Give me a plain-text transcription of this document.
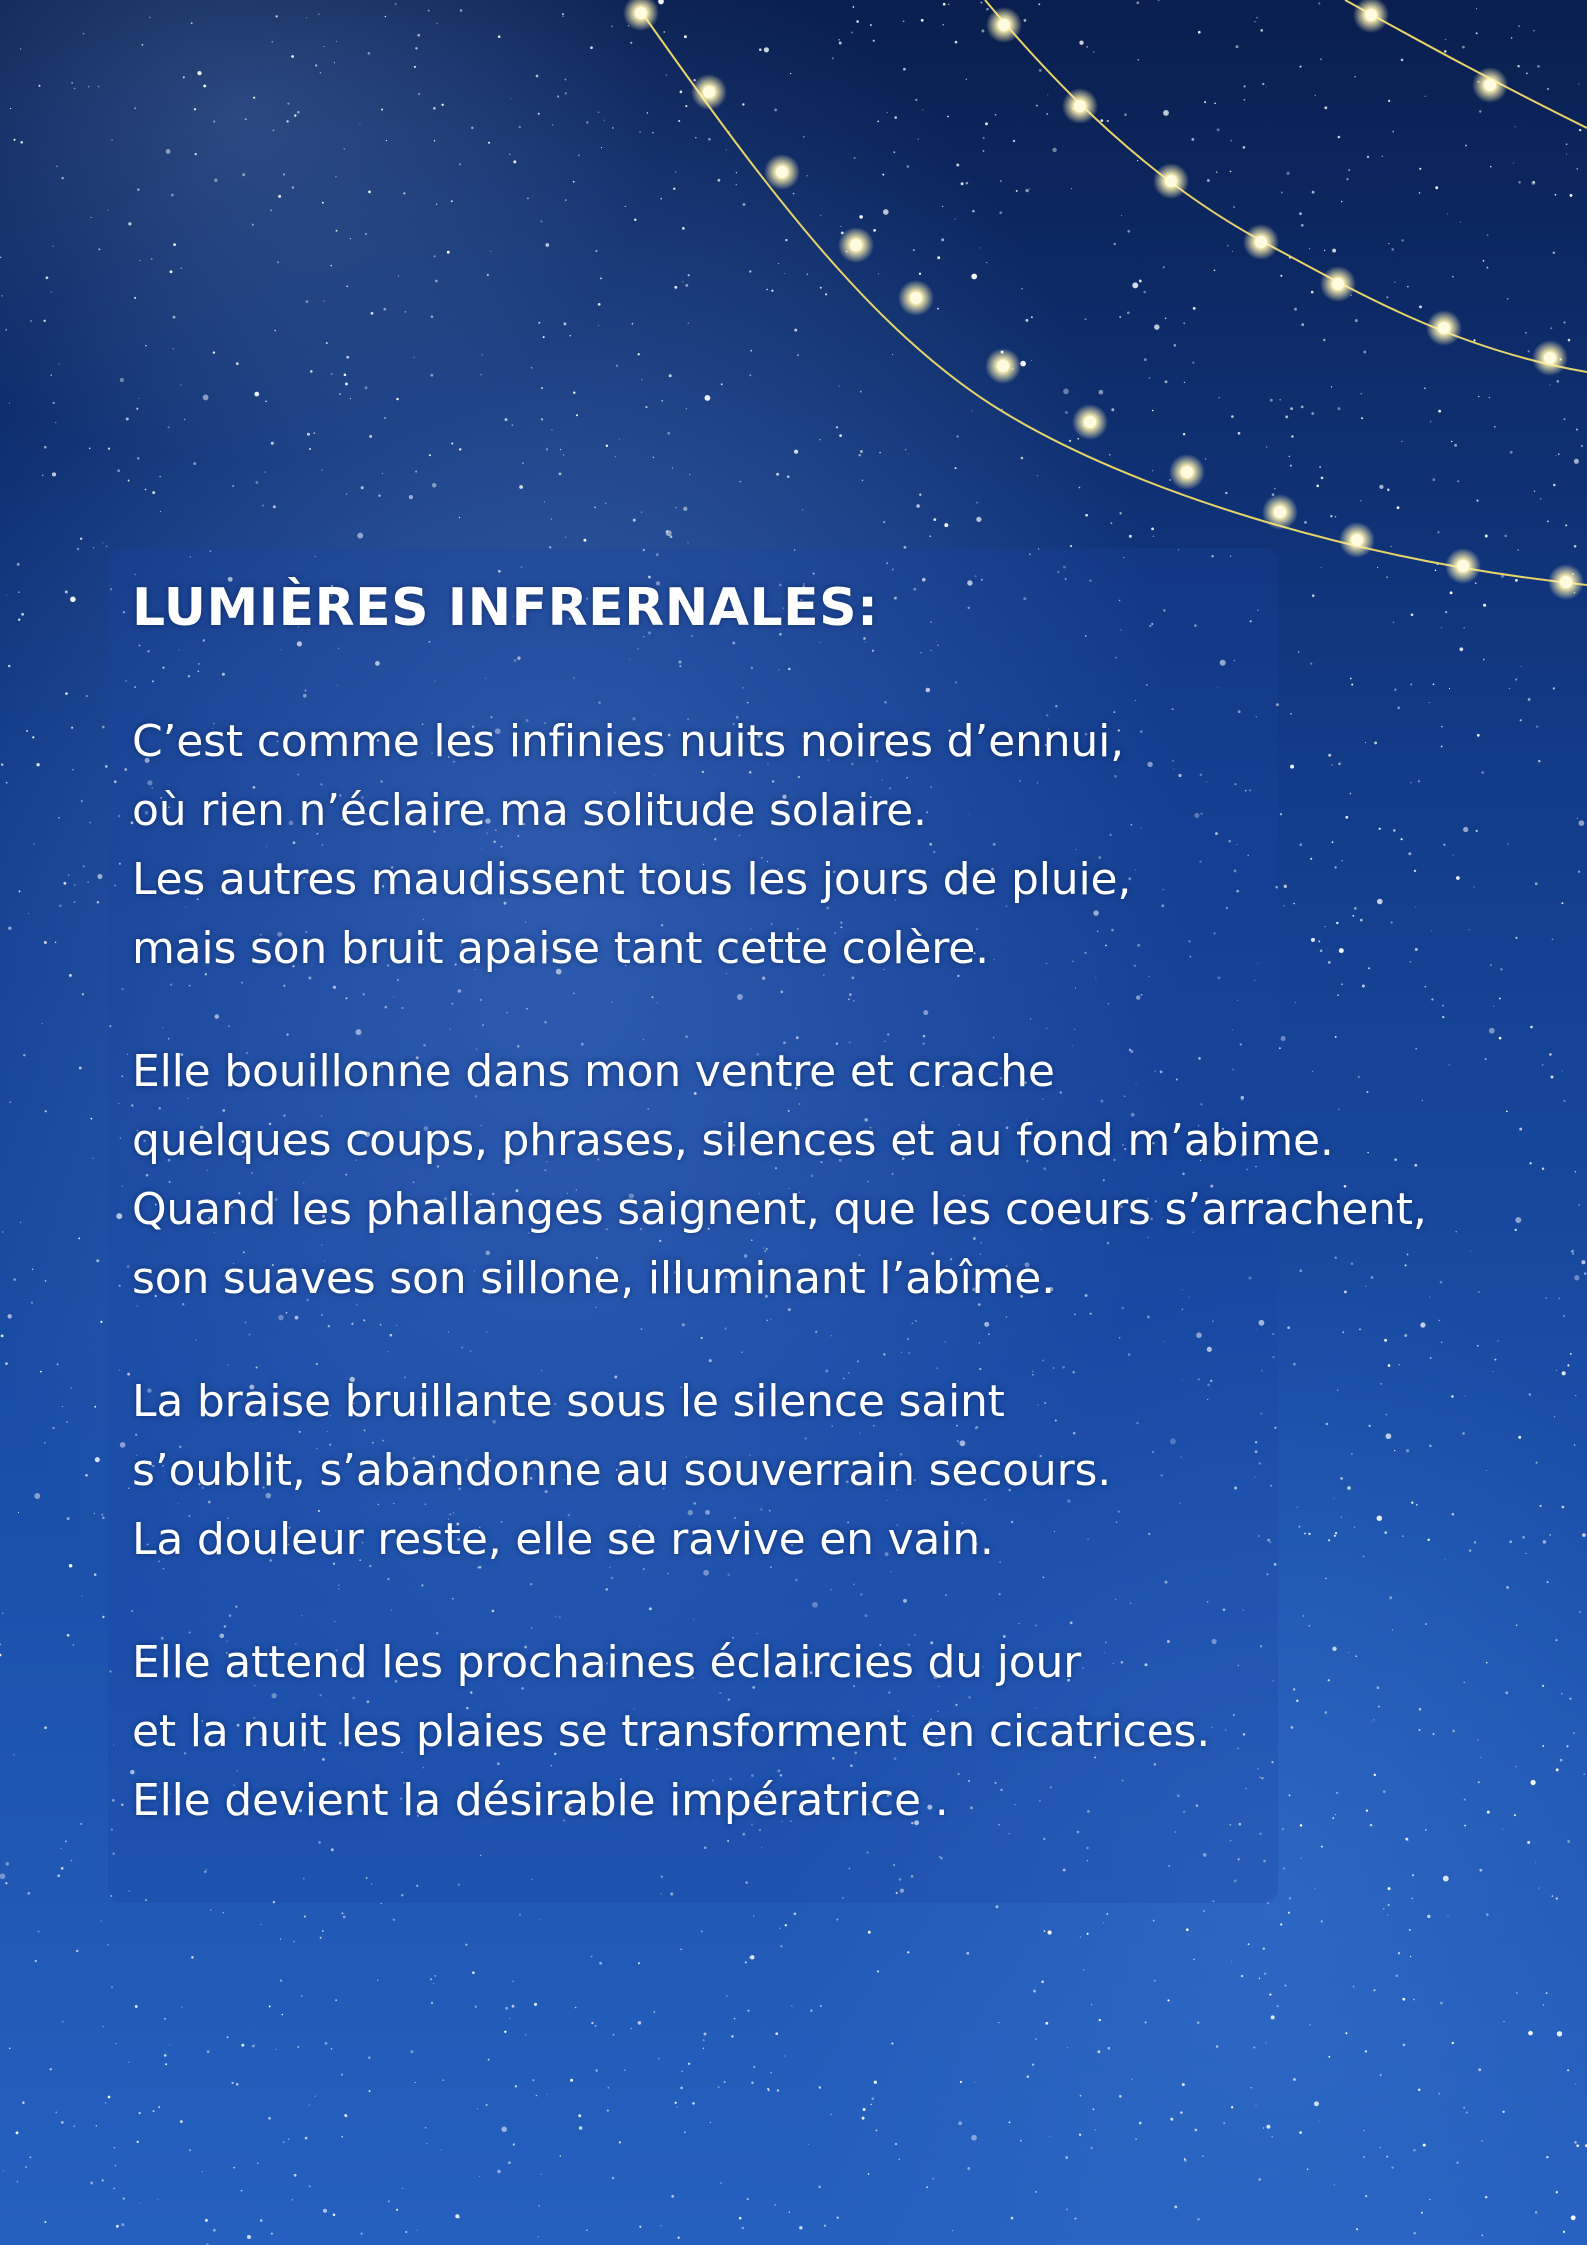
LUMIÈRES INFRERNALES:
C’est comme les infinies nuits noires d’ennui,
où rien n’éclaire ma solitude solaire.
Les autres maudissent tous les jours de pluie,
mais son bruit apaise tant cette colère.
Elle bouillonne dans mon ventre et crache
quelques coups, phrases, silences et au fond m’abime.
Quand les phallanges saignent, que les coeurs s’arrachent,
son suaves son sillone, illuminant l’abîme.
La braise bruillante sous le silence saint
s’oublit, s’abandonne au souverrain secours.
La douleur reste, elle se ravive en vain.
Elle attend les prochaines éclaircies du jour
et la nuit les plaies se transforment en cicatrices.
Elle devient la désirable impératrice .
